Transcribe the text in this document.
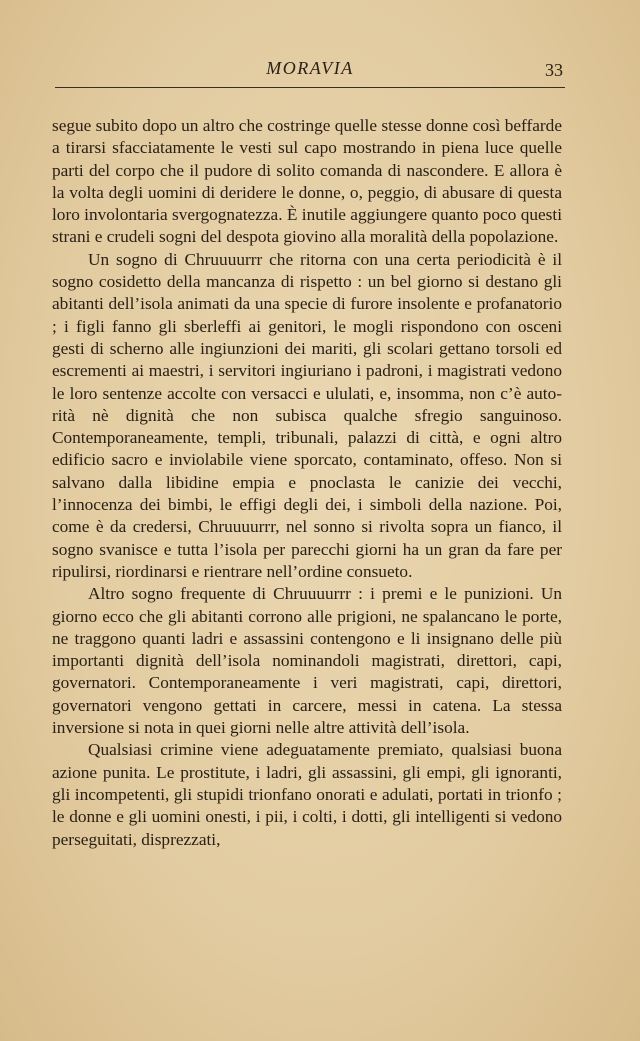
MORAVIA	33

segue subito dopo un altro che costringe quelle stesse donne così beffarde a tirarsi sfacciatamente le vesti sul capo mostrando in piena luce quelle parti del corpo che il pudore di solito comanda di nascondere. E allora è la volta degli uomini di deridere le donne, o, peggio, di abusare di questa loro involontaria svergognatezza. È inutile aggiungere quanto poco questi strani e crudeli sogni del despota giovino alla moralità della popolazione.

Un sogno di Chruuuurrr che ritorna con una certa periodicità è il sogno cosidetto della mancanza di rispetto : un bel giorno si destano gli abitanti dell’isola animati da una specie di furore insolente e profanatorio ; i figli fanno gli sberleffi ai genitori, le mogli rispondono con osceni gesti di scherno alle ingiunzioni dei mariti, gli scolari gettano torsoli ed escrementi ai maestri, i servitori ingiuriano i padroni, i magistrati vedono le loro sentenze accolte con versacci e ululati, e, insomma, non c’è autorità nè dignità che non subisca qualche sfregio sanguinoso. Contemporaneamente, templi, tribunali, palazzi di città, e ogni altro edificio sacro e inviolabile viene sporcato, contaminato, offeso. Non si salvano dalla libidine empia e pnoclasta le canizie dei vecchi, l’innocenza dei bimbi, le effigi degli dei, i simboli della nazione. Poi, come è da credersi, Chruuuurrr, nel sonno si rivolta sopra un fianco, il sogno svanisce e tutta l’isola per parecchi giorni ha un gran da fare per ripulirsi, riordinarsi e rientrare nell’ordine consueto.

Altro sogno frequente di Chruuuurrr : i premi e le punizioni. Un giorno ecco che gli abitanti corrono alle prigioni, ne spalancano le porte, ne traggono quanti ladri e assassini contengono e li insignano delle più importanti dignità dell’isola nominandoli magistrati, direttori, capi, governatori. Contemporaneamente i veri magistrati, capi, direttori, governatori vengono gettati in carcere, messi in catena. La stessa inversione si nota in quei giorni nelle altre attività dell’isola.

Qualsiasi crimine viene adeguatamente premiato, qualsiasi buona azione punita. Le prostitute, i ladri, gli assassini, gli empi, gli ignoranti, gli incompetenti, gli stupidi trionfano onorati e adulati, portati in trionfo ; le donne e gli uomini onesti, i pii, i colti, i dotti, gli intelligenti si vedono perseguitati, disprezzati,
